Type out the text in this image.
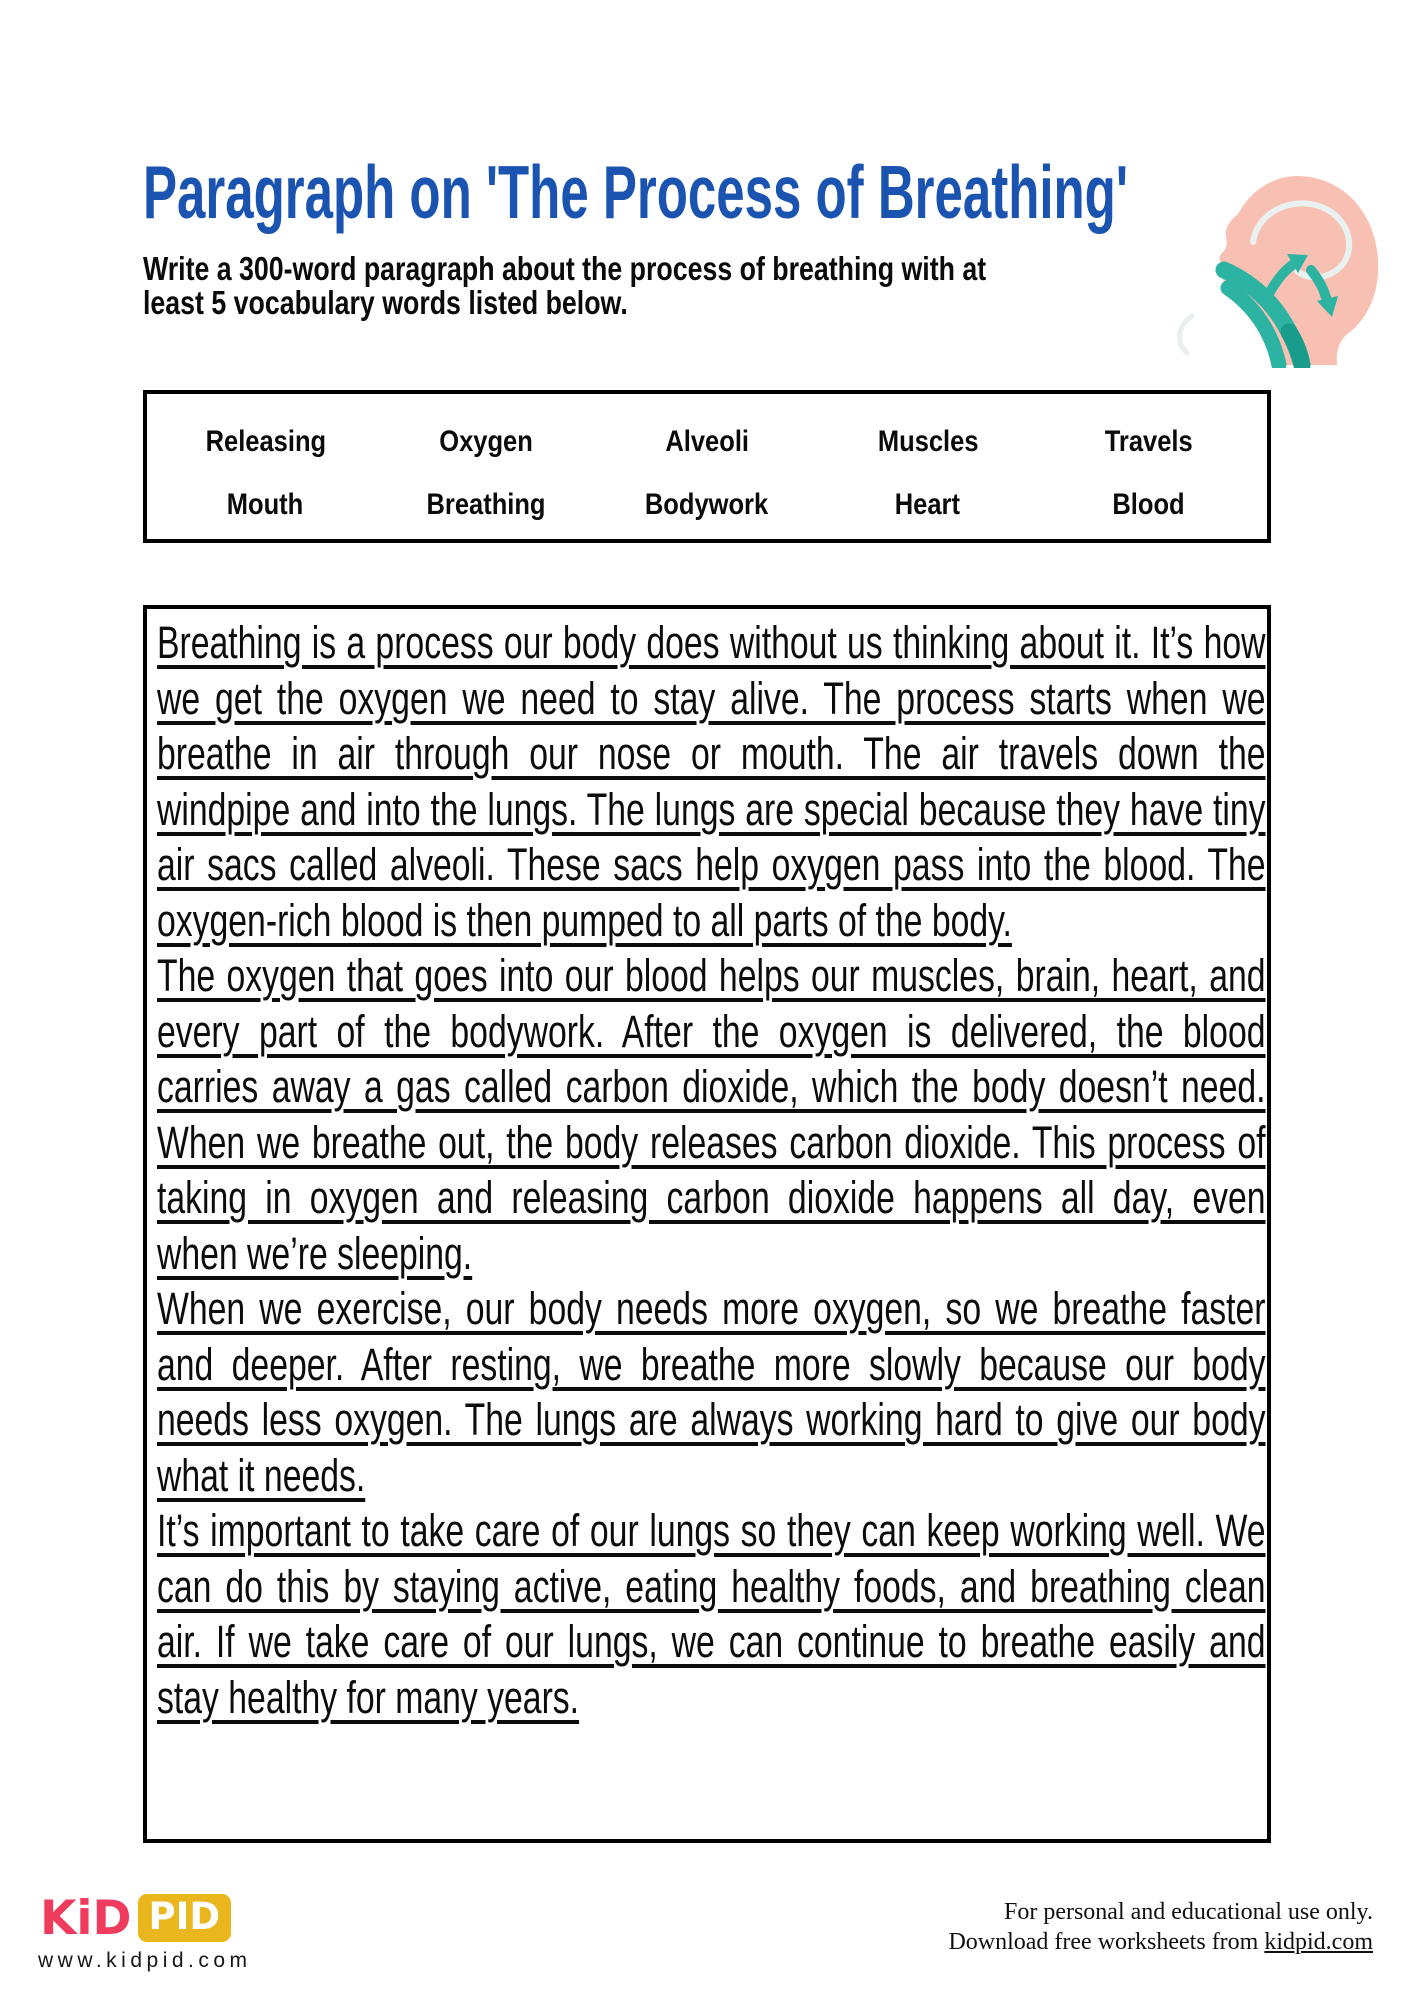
Paragraph on 'The Process of Breathing'
Write a 300-word paragraph about the process of breathing with at
least 5 vocabulary words listed below.
Releasing	Oxygen	Alveoli	Muscles	Travels
Mouth	Breathing	Bodywork	Heart	Blood

Breathing is a process our body does without us thinking about it. It’s how we get the oxygen we need to stay alive. The process starts when we breathe in air through our nose or mouth. The air travels down the windpipe and into the lungs. The lungs are special because they have tiny air sacs called alveoli. These sacs help oxygen pass into the blood. The oxygen-rich blood is then pumped to all parts of the body.

The oxygen that goes into our blood helps our muscles, brain, heart, and every part of the bodywork. After the oxygen is delivered, the blood carries away a gas called carbon dioxide, which the body doesn’t need. When we breathe out, the body releases carbon dioxide. This process of taking in oxygen and releasing carbon dioxide happens all day, even when we’re sleeping.

When we exercise, our body needs more oxygen, so we breathe faster and deeper. After resting, we breathe more slowly because our body needs less oxygen. The lungs are always working hard to give our body what it needs.

It’s important to take care of our lungs so they can keep working well. We can do this by staying active, eating healthy foods, and breathing clean air. If we take care of our lungs, we can continue to breathe easily and stay healthy for many years.

KiD PID
www.kidpid.com
For personal and educational use only.
Download free worksheets from kidpid.com
